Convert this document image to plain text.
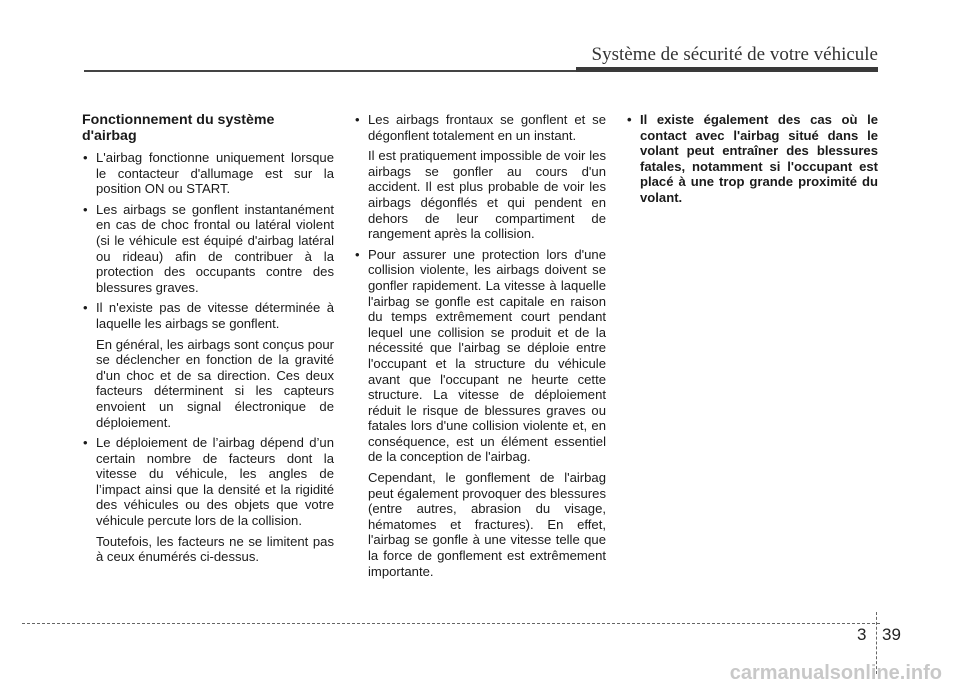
Système de sécurité de votre véhicule
Fonctionnement du système
d'airbag
• L'airbag fonctionne uniquement lorsque le contacteur d'allumage est sur la position ON ou START.
• Les airbags se gonflent instantanément en cas de choc frontal ou latéral violent (si le véhicule est équipé d'airbag latéral ou rideau) afin de contribuer à la protection des occupants contre des blessures graves.
• Il n'existe pas de vitesse déterminée à laquelle les airbags se gonflent.
En général, les airbags sont conçus pour se déclencher en fonction de la gravité d'un choc et de sa direction. Ces deux facteurs déterminent si les capteurs envoient un signal électronique de déploiement.
• Le déploiement de l’airbag dépend d’un certain nombre de facteurs dont la vitesse du véhicule, les angles de l’impact ainsi que la densité et la rigidité des véhicules ou des objets que votre véhicule percute lors de la collision.
Toutefois, les facteurs ne se limitent pas à ceux énumérés ci-dessus.
• Les airbags frontaux se gonflent et se dégonflent totalement en un instant.
Il est pratiquement impossible de voir les airbags se gonfler au cours d'un accident. Il est plus probable de voir les airbags dégonflés et qui pendent en dehors de leur compartiment de rangement après la collision.
• Pour assurer une protection lors d'une collision violente, les airbags doivent se gonfler rapidement. La vitesse à laquelle l'airbag se gonfle est capitale en raison du temps extrêmement court pendant lequel une collision se produit et de la nécessité que l'airbag se déploie entre l'occupant et la structure du véhicule avant que l'occupant ne heurte cette structure. La vitesse de déploiement réduit le risque de blessures graves ou fatales lors d'une collision violente et, en conséquence, est un élément essentiel de la conception de l'airbag.
Cependant, le gonflement de l'airbag peut également provoquer des blessures (entre autres, abrasion du visage, hématomes et fractures). En effet, l'airbag se gonfle à une vitesse telle que la force de gonflement est extrêmement importante.
• Il existe également des cas où le contact avec l'airbag situé dans le volant peut entraîner des blessures fatales, notamment si l'occupant est placé à une trop grande proximité du volant.
3 39
carmanualsonline.info
